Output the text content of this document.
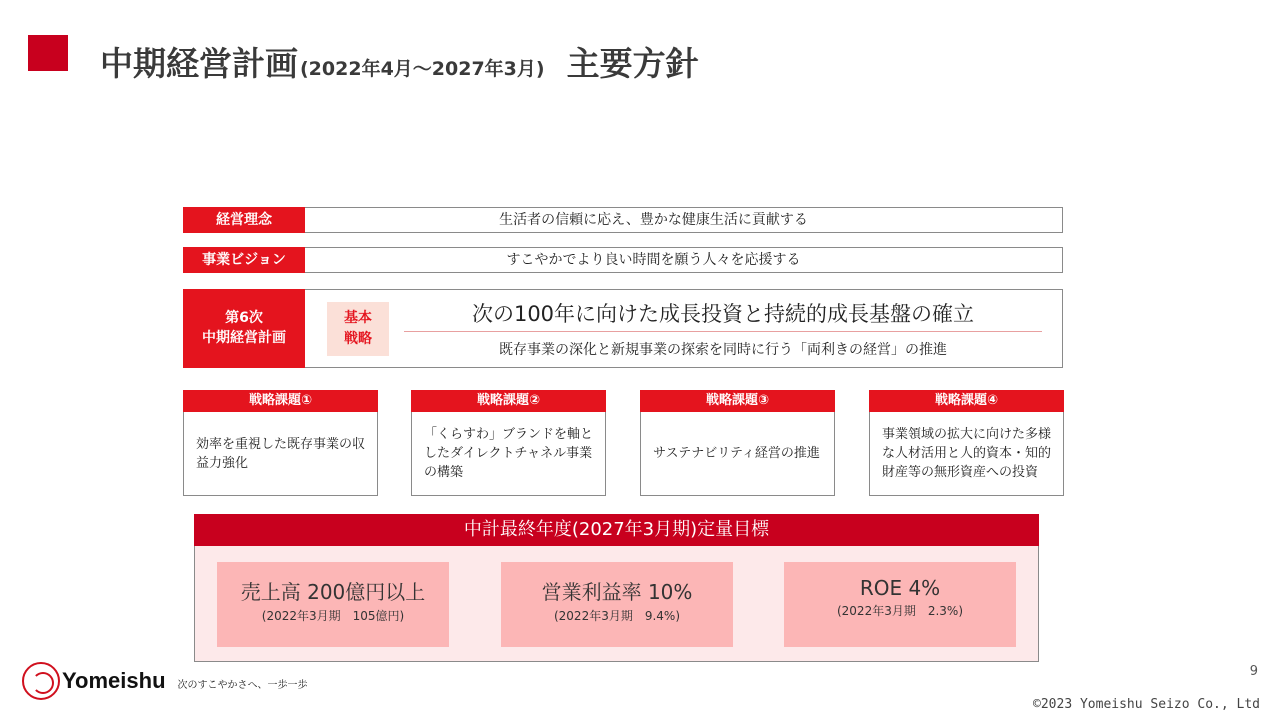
中期経営計画 (2022年4月～2027年3月) 主要方針
経営理念	生活者の信頼に応え、豊かな健康生活に貢献する
事業ビジョン	すこやかでより良い時間を願う人々を応援する
第6次
中期経営計画
基本
戦略
次の100年に向けた成長投資と持続的成長基盤の確立
既存事業の深化と新規事業の探索を同時に行う「両利きの経営」の推進
戦略課題①
効率を重視した既存事業の収益力強化
戦略課題②
「くらすわ」ブランドを軸としたダイレクトチャネル事業の構築
戦略課題③
サステナビリティ経営の推進
戦略課題④
事業領域の拡大に向けた多様な人材活用と人的資本・知的財産等の無形資産への投資
中計最終年度(2027年3月期)定量目標
売上高 200億円以上
(2022年3月期　105億円)
営業利益率 10%
(2022年3月期　9.4%)
ROE 4%
(2022年3月期　2.3%)
Yomeishu 次のすこやかさへ、一歩一歩
9
©2023 Yomeishu Seizo Co., Ltd
